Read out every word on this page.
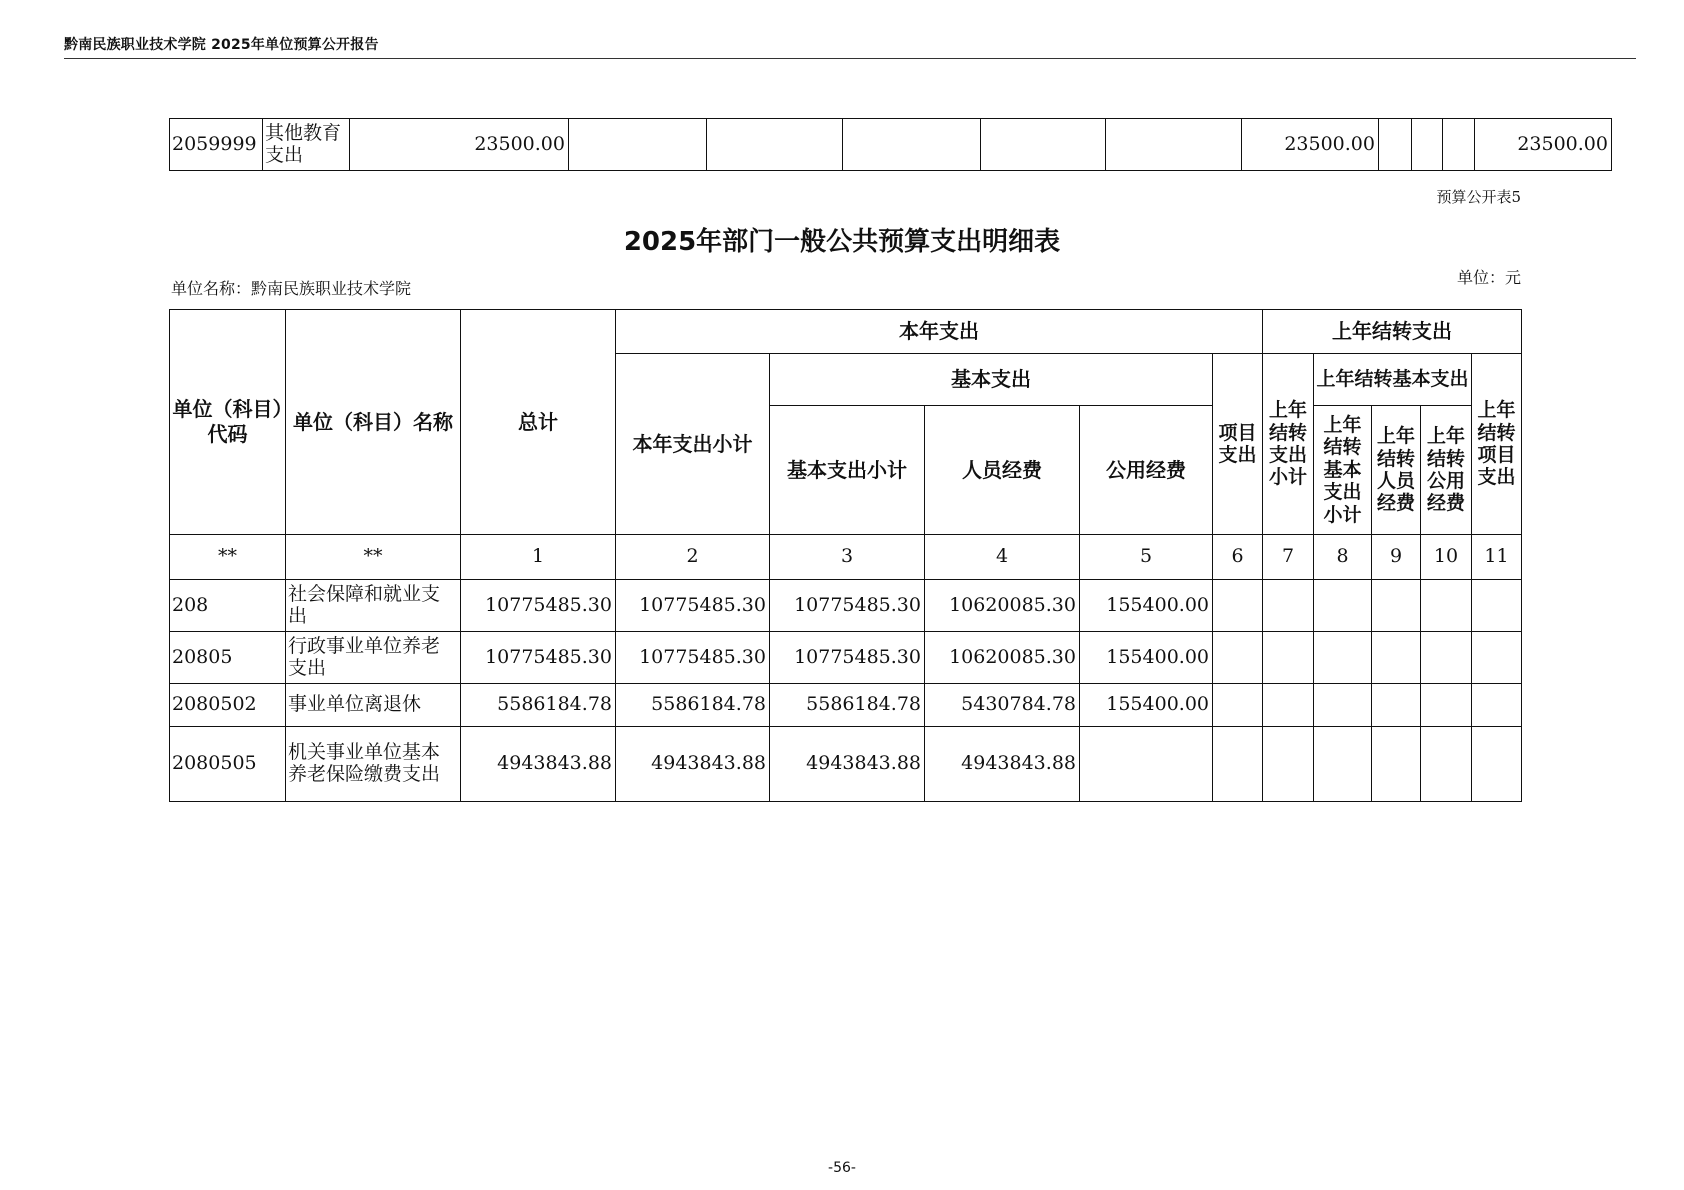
黔南民族职业技术学院 2025年单位预算公开报告
2059999	其他教育支出	23500.00						23500.00				23500.00
预算公开表5
2025年部门一般公共预算支出明细表
单位名称：黔南民族职业技术学院
单位：元
单位（科目）代码	单位（科目）名称	总计	本年支出					上年结转支出				
			本年支出小计	基本支出			项目支出	上年结转支出小计	上年结转基本支出			上年结转项目支出
				基本支出小计	人员经费	公用经费			上年结转基本支出小计	上年结转人员经费	上年结转公用经费	
**	**	1	2	3	4	5	6	7	8	9	10	11
208	社会保障和就业支出	10775485.30	10775485.30	10775485.30	10620085.30	155400.00						
20805	行政事业单位养老支出	10775485.30	10775485.30	10775485.30	10620085.30	155400.00						
2080502	事业单位离退休	5586184.78	5586184.78	5586184.78	5430784.78	155400.00						
2080505	机关事业单位基本养老保险缴费支出	4943843.88	4943843.88	4943843.88	4943843.88							
-56-
